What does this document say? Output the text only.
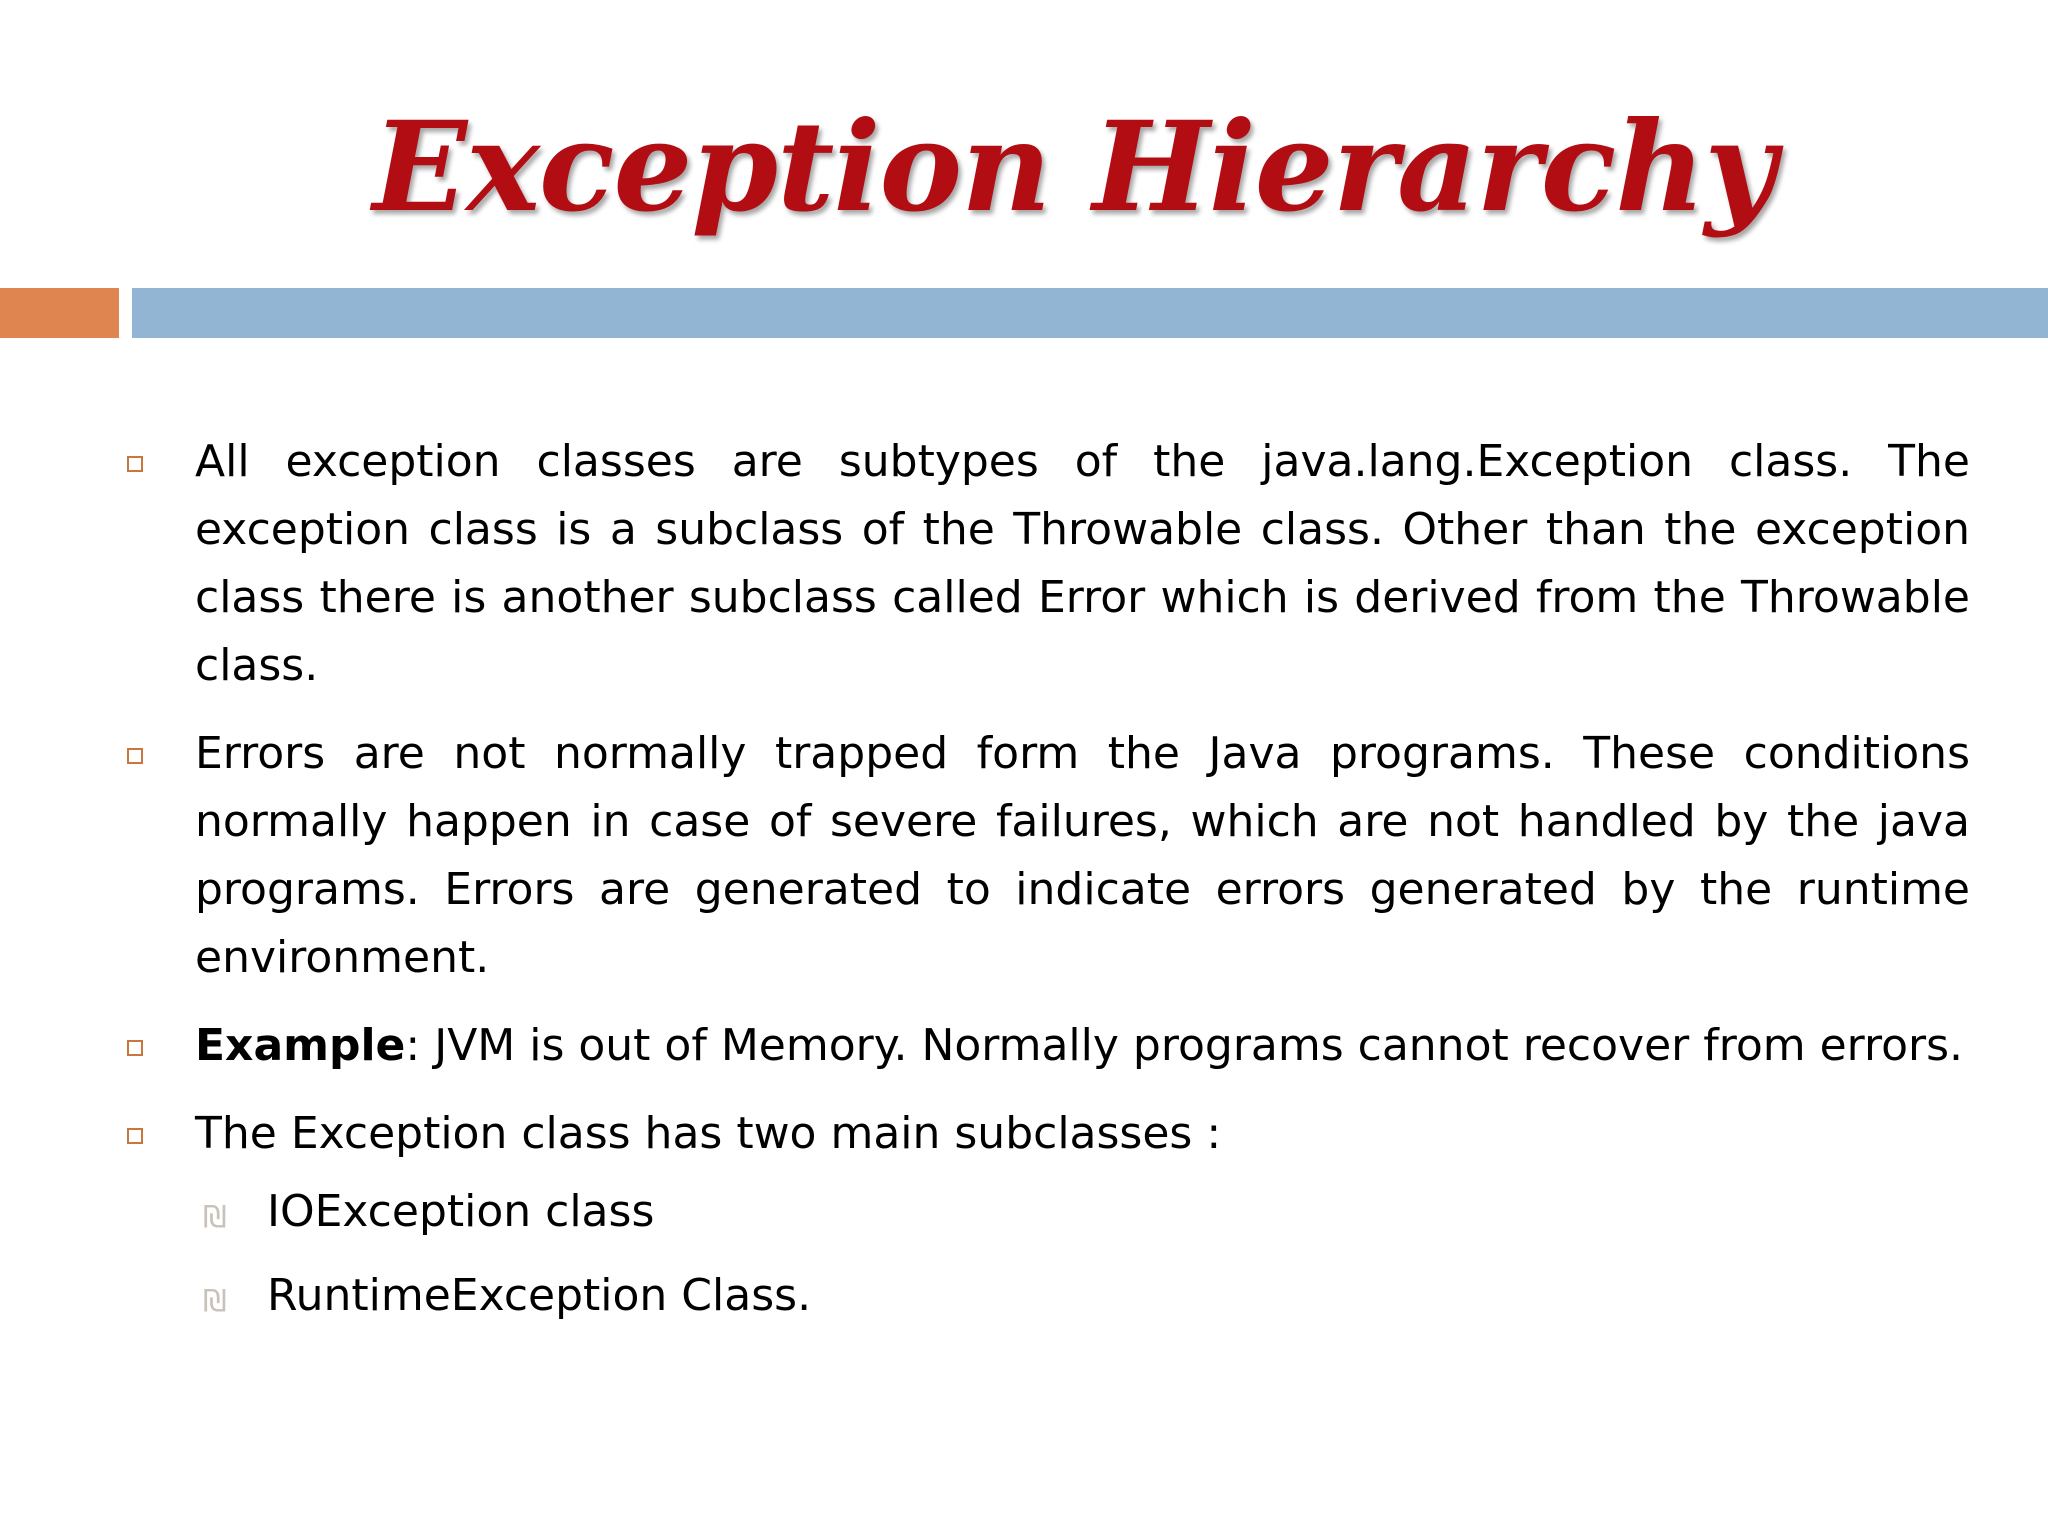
Exception Hierarchy
All exception classes are subtypes of the java.lang.Exception class. The exception class is a subclass of the Throwable class. Other than the exception class there is another subclass called Error which is derived from the Throwable class.
Errors are not normally trapped form the Java programs. These conditions normally happen in case of severe failures, which are not handled by the java programs. Errors are generated to indicate errors generated by the runtime environment.
Example: JVM is out of Memory. Normally programs cannot recover from errors.
The Exception class has two main subclasses :
₪ IOException class
₪ RuntimeException Class.
